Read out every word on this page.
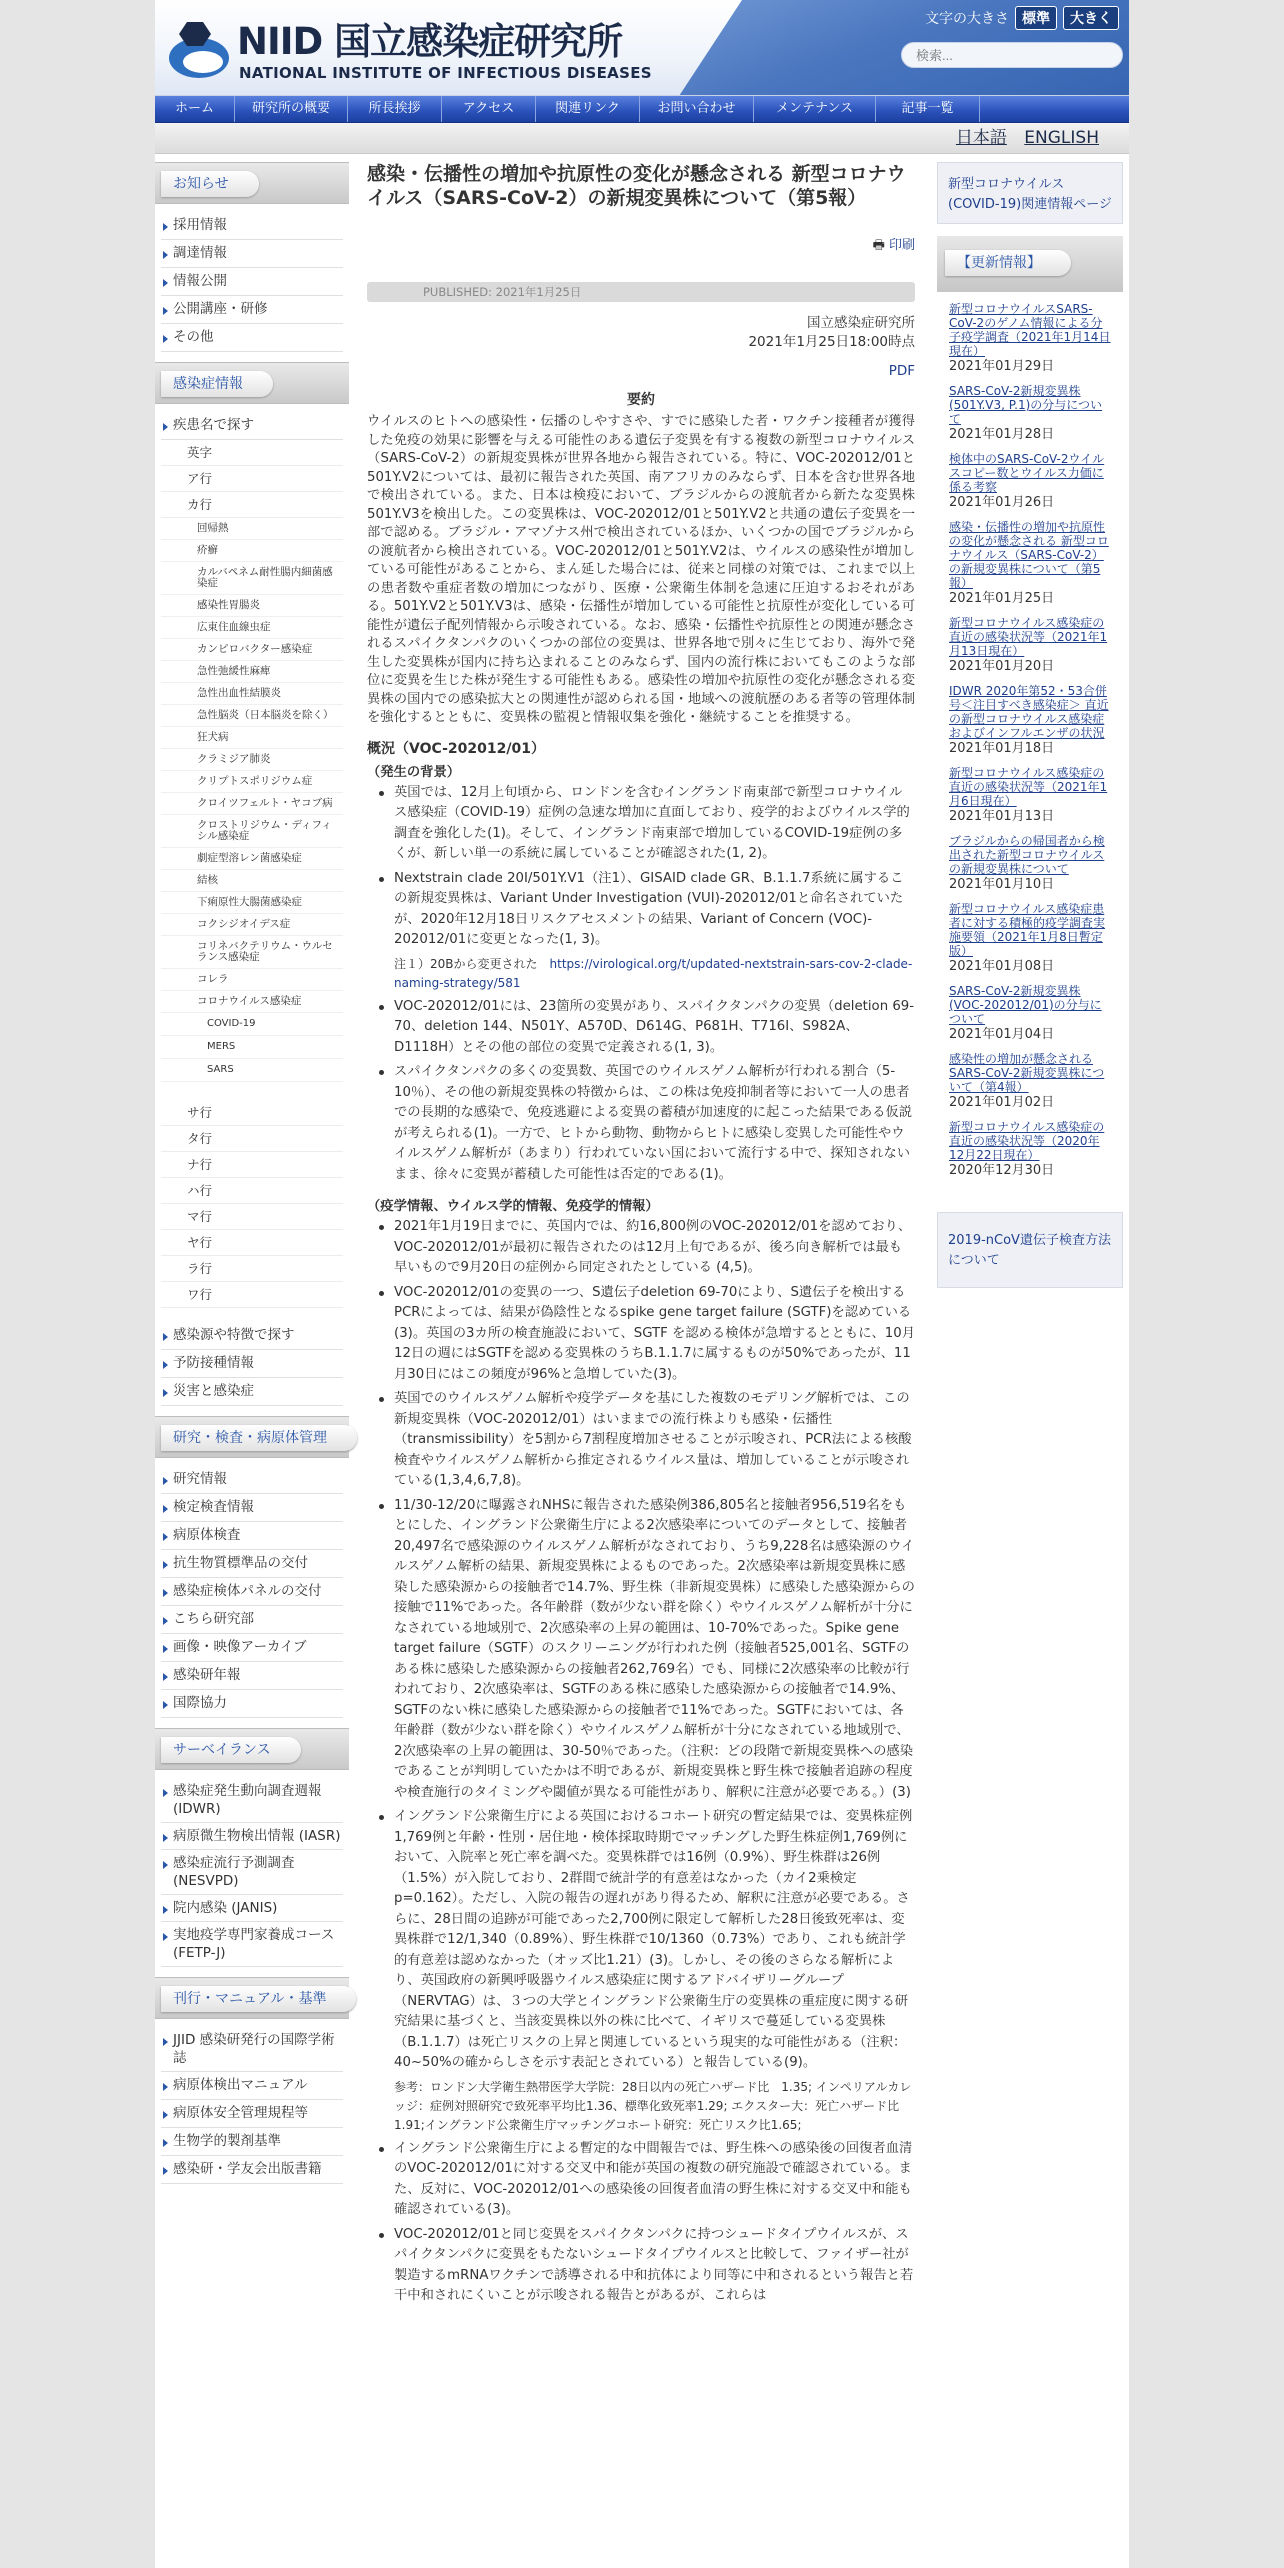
NIID 国立感染症研究所
NATIONAL INSTITUTE OF INFECTIOUS DISEASES
文字の大きさ 標準	大きく
検索...
ホーム	研究所の概要	所長挨拶	アクセス	関連リンク	お問い合わせ	メンテナンス	記事一覧
日本語 ENGLISH
お知らせ
採用情報
調達情報
情報公開
公開講座・研修
その他
感染症情報
疾患名で探す
英字
ア行
カ行
回帰熱
疥癬
カルバペネム耐性腸内細菌感染症
感染性胃腸炎
広東住血線虫症
カンピロバクター感染症
急性弛緩性麻痺
急性出血性結膜炎
急性脳炎（日本脳炎を除く）
狂犬病
クラミジア肺炎
クリプトスポリジウム症
クロイツフェルト・ヤコブ病
クロストリジウム・ディフィシル感染症
劇症型溶レン菌感染症
結核
下痢原性大腸菌感染症
コクシジオイデス症
コリネバクテリウム・ウルセランス感染症
コレラ
コロナウイルス感染症
COVID-19
MERS
SARS
サ行
タ行
ナ行
ハ行
マ行
ヤ行
ラ行
ワ行
感染源や特徴で探す
予防接種情報
災害と感染症
研究・検査・病原体管理
研究情報
検定検査情報
病原体検査
抗生物質標準品の交付
感染症検体パネルの交付
こちら研究部
画像・映像アーカイブ
感染研年報
国際協力
サーベイランス
感染症発生動向調査週報 (IDWR)
病原微生物検出情報 (IASR)
感染症流行予測調査 (NESVPD)
院内感染 (JANIS)
実地疫学専門家養成コース (FETP-J)
刊行・マニュアル・基準
JJID 感染研発行の国際学術誌
病原体検出マニュアル
病原体安全管理規程等
生物学的製剤基準
感染研・学友会出版書籍
感染・伝播性の増加や抗原性の変化が懸念される 新型コロナウイルス（SARS-CoV-2）の新規変異株について（第5報）
🖶 印刷
PUBLISHED: 2021年1月25日
国立感染症研究所
2021年1月25日18:00時点
PDF
要約

ウイルスのヒトへの感染性・伝播のしやすさや、すでに感染した者・ワクチン接種者が獲得した免疫の効果に影響を与える可能性のある遺伝子変異を有する複数の新型コロナウイルス（SARS-CoV-2）の新規変異株が世界各地から報告されている。特に、VOC-202012/01と501Y.V2については、最初に報告された英国、南アフリカのみならず、日本を含む世界各地で検出されている。また、日本は検疫において、ブラジルからの渡航者から新たな変異株501Y.V3を検出した。この変異株は、VOC-202012/01と501Y.V2と共通の遺伝子変異を一部で認める。ブラジル・アマゾナス州で検出されているほか、いくつかの国でブラジルからの渡航者から検出されている。VOC-202012/01と501Y.V2は、ウイルスの感染性が増加している可能性があることから、まん延した場合には、従来と同様の対策では、これまで以上の患者数や重症者数の増加につながり、医療・公衆衛生体制を急速に圧迫するおそれがある。501Y.V2と501Y.V3は、感染・伝播性が増加している可能性と抗原性が変化している可能性が遺伝子配列情報から示唆されている。なお、感染・伝播性や抗原性との関連が懸念されるスパイクタンパクのいくつかの部位の変異は、世界各地で別々に生じており、海外で発生した変異株が国内に持ち込まれることのみならず、国内の流行株においてもこのような部位に変異を生じた株が発生する可能性もある。感染性の増加や抗原性の変化が懸念される変異株の国内での感染拡大との関連性が認められる国・地域への渡航歴のある者等の管理体制を強化するとともに、変異株の監視と情報収集を強化・継続することを推奨する。

概況（VOC-202012/01）
（発生の背景）
英国では、12月上旬頃から、ロンドンを含むイングランド南東部で新型コロナウイルス感染症（COVID-19）症例の急速な増加に直面しており、疫学的およびウイルス学的調査を強化した(1)。そして、イングランド南東部で増加しているCOVID-19症例の多くが、新しい単一の系統に属していることが確認された(1, 2)。
Nextstrain clade 20I/501Y.V1（注1）、GISAID clade GR、B.1.1.7系統に属するこの新規変異株は、Variant Under Investigation (VUI)-202012/01と命名されていたが、2020年12月18日リスクアセスメントの結果、Variant of Concern (VOC)- 202012/01に変更となった(1, 3)。
注１）20Bから変更された　 https://virological.org/t/updated-nextstrain-sars-cov-2-clade-naming-strategy/581
VOC-202012/01には、23箇所の変異があり、スパイクタンパクの変異（deletion 69-70、deletion 144、N501Y、A570D、D614G、P681H、T716I、S982A、D1118H）とその他の部位の変異で定義される(1, 3)。
スパイクタンパクの多くの変異数、英国でのウイルスゲノム解析が行われる割合（5-10％）、その他の新規変異株の特徴からは、この株は免疫抑制者等において一人の患者での長期的な感染で、免疫逃避による変異の蓄積が加速度的に起こった結果である仮説が考えられる(1)。一方で、ヒトから動物、動物からヒトに感染し変異した可能性やウイルスゲノム解析が（あまり）行われていない国において流行する中で、探知されないまま、徐々に変異が蓄積した可能性は否定的である(1)。
（疫学情報、ウイルス学的情報、免疫学的情報）
2021年1月19日までに、英国内では、約16,800例のVOC-202012/01を認めており、VOC-202012/01が最初に報告されたのは12月上旬であるが、後ろ向き解析では最も早いもので9月20日の症例から同定されたとしている (4,5)。
VOC-202012/01の変異の一つ、S遺伝子deletion 69-70により、S遺伝子を検出するPCRによっては、結果が偽陰性となるspike gene target failure (SGTF)を認めている(3)。英国の3カ所の検査施設において、SGTF を認める検体が急増するとともに、10月12日の週にはSGTFを認める変異株のうちB.1.1.7に属するものが50%であったが、11月30日にはこの頻度が96%と急増していた(3)。
英国でのウイルスゲノム解析や疫学データを基にした複数のモデリング解析では、この新規変異株（VOC-202012/01）はいままでの流行株よりも感染・伝播性（transmissibility）を5割から7割程度増加させることが示唆され、PCR法による核酸検査やウイルスゲノム解析から推定されるウイルス量は、増加していることが示唆されている(1,3,4,6,7,8)。
11/30-12/20に曝露されNHSに報告された感染例386,805名と接触者956,519名をもとにした、イングランド公衆衛生庁による2次感染率についてのデータとして、接触者20,497名で感染源のウイルスゲノム解析がなされており、うち9,228名は感染源のウイルスゲノム解析の結果、新規変異株によるものであった。2次感染率は新規変異株に感染した感染源からの接触者で14.7%、野生株（非新規変異株）に感染した感染源からの接触で11%であった。各年齢群（数が少ない群を除く）やウイルスゲノム解析が十分になされている地域別で、2次感染率の上昇の範囲は、10-70%であった。Spike gene target failure（SGTF）のスクリーニングが行われた例（接触者525,001名、SGTFのある株に感染した感染源からの接触者262,769名）でも、同様に2次感染率の比較が行われており、2次感染率は、SGTFのある株に感染した感染源からの接触者で14.9%、SGTFのない株に感染した感染源からの接触者で11%であった。SGTFにおいては、各年齢群（数が少ない群を除く）やウイルスゲノム解析が十分になされている地域別で、2次感染率の上昇の範囲は、30-50％であった。（注釈：どの段階で新規変異株への感染であることが判明していたかは不明であるが、新規変異株と野生株で接触者追跡の程度や検査施行のタイミングや閾値が異なる可能性があり、解釈に注意が必要である。）(3)
イングランド公衆衛生庁による英国におけるコホート研究の暫定結果では、変異株症例1,769例と年齢・性別・居住地・検体採取時期でマッチングした野生株症例1,769例において、入院率と死亡率を調べた。変異株群では16例（0.9%）、野生株群は26例（1.5%）が入院しており、2群間で統計学的有意差はなかった（カイ2乗検定 p=0.162）。ただし、入院の報告の遅れがあり得るため、解釈に注意が必要である。さらに、28日間の追跡が可能であった2,700例に限定して解析した28日後致死率は、変異株群で12/1,340（0.89%）、野生株群で10/1360（0.73%）であり、これも統計学的有意差は認めなかった（オッズ比1.21）(3)。しかし、その後のさらなる解析により、英国政府の新興呼吸器ウイルス感染症に関するアドバイザリーグループ（NERVTAG）は、３つの大学とイングランド公衆衛生庁の変異株の重症度に関する研究結果に基づくと、当該変異株以外の株に比べて、イギリスで蔓延している変異株（B.1.1.7）は死亡リスクの上昇と関連しているという現実的な可能性がある（注釈：40~50%の確からしさを示す表記とされている）と報告している(9)。
参考：ロンドン大学衛生熱帯医学大学院：28日以内の死亡ハザード比　1.35; インペリアルカレッジ：症例対照研究で致死率平均比1.36、標準化致死率1.29; エクスター大：死亡ハザード比1.91;イングランド公衆衛生庁マッチングコホート研究：死亡リスク比1.65;
イングランド公衆衛生庁による暫定的な中間報告では、野生株への感染後の回復者血清のVOC-202012/01に対する交叉中和能が英国の複数の研究施設で確認されている。また、反対に、VOC-202012/01への感染後の回復者血清の野生株に対する交叉中和能も確認されている(3)。
VOC-202012/01と同じ変異をスパイクタンパクに持つシュードタイプウイルスが、スパイクタンパクに変異をもたないシュードタイプウイルスと比較して、ファイザー社が製造するmRNAワクチンで誘導される中和抗体により同等に中和されるという報告と若干中和されにくいことが示唆される報告とがあるが、これらは
新型コロナウイルス(COVID-19)関連情報ページ
【更新情報】
新型コロナウイルスSARS-CoV-2のゲノム情報による分子疫学調査（2021年1月14日現在）
2021年01月29日
SARS-CoV-2新規変異株 (501Y.V3, P.1)の分与について
2021年01月28日
検体中のSARS-CoV-2ウイルスコピー数とウイルス力価に係る考察
2021年01月26日
感染・伝播性の増加や抗原性の変化が懸念される 新型コロナウイルス（SARS-CoV-2）の新規変異株について（第5報）
2021年01月25日
新型コロナウイルス感染症の直近の感染状況等（2021年1月13日現在）
2021年01月20日
IDWR 2020年第52・53合併号＜注目すべき感染症＞ 直近の新型コロナウイルス感染症およびインフルエンザの状況
2021年01月18日
新型コロナウイルス感染症の直近の感染状況等（2021年1月6日現在）
2021年01月13日
ブラジルからの帰国者から検出された新型コロナウイルスの新規変異株について
2021年01月10日
新型コロナウイルス感染症患者に対する積極的疫学調査実施要領（2021年1月8日暫定版）
2021年01月08日
SARS-CoV-2新規変異株 (VOC-202012/01)の分与について
2021年01月04日
感染性の増加が懸念されるSARS-CoV-2新規変異株について（第4報）
2021年01月02日
新型コロナウイルス感染症の直近の感染状況等（2020年12月22日現在）
2020年12月30日
2019-nCoV遺伝子検査方法について
